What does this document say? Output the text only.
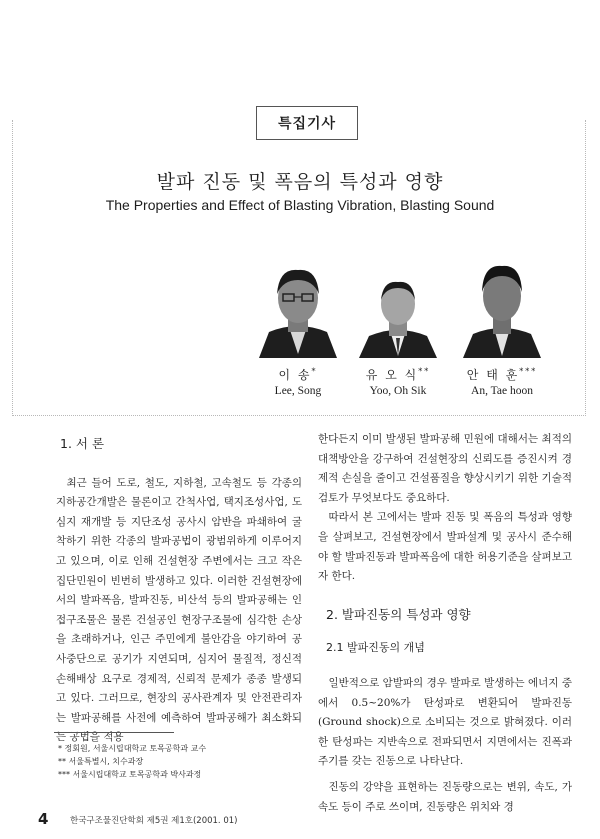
특집기사
발파 진동 및 폭음의 특성과 영향
The Properties and Effect of Blasting Vibration, Blasting Sound
이 송*
Lee, Song
유 오 식**
Yoo, Oh Sik
안 태 훈***
An, Tae hoon
1. 서 론

최근 들어 도로, 철도, 지하철, 고속철도 등 각종의 지하공간개발은 물론이고 간척사업, 택지조성사업, 도심지 재개발 등 지단조성 공사시 암반을 파쇄하여 굴착하기 위한 각종의 발파공법이 광범위하게 이루어지고 있으며, 이로 인해 건설현장 주변에서는 크고 작은 집단민원이 빈번히 발생하고 있다. 이러한 건설현장에서의 발파폭음, 발파진동, 비산석 등의 발파공해는 인접구조물은 물론 건설공인 현장구조물에 심각한 손상을 초래하거나, 인근 주민에게 불안감을 야기하여 공사중단으로 공기가 지연되며, 심지어 물질적, 정신적 손해배상 요구로 경제적, 신뢰적 문제가 종종 발생되고 있다. 그러므로, 현장의 공사관계자 및 안전관리자는 발파공해를 사전에 예측하여 발파공해가 최소화되는 공법을 적용

한다든지 이미 발생된 발파공해 민원에 대해서는 최적의 대책방안을 강구하여 건설현장의 신뢰도를 증진시켜 경제적 손실을 줄이고 건설품질을 향상시키기 위한 기술적 검토가 무엇보다도 중요하다.

따라서 본 고에서는 발파 진동 및 폭음의 특성과 영향을 살펴보고, 건설현장에서 발파설계 및 공사시 준수해야 할 발파진동과 발파폭음에 대한 허용기준을 살펴보고자 한다.

2. 발파진동의 특성과 영향
2.1 발파진동의 개념

일반적으로 암발파의 경우 발파로 발생하는 에너지 중에서 0.5~20%가 탄성파로 변환되어 발파진동(Ground shock)으로 소비되는 것으로 밝혀졌다. 이러한 탄성파는 지반속으로 전파되면서 지면에서는 진폭과 주기를 갖는 진동으로 나타난다.

진동의 강약을 표현하는 진동량으로는 변위, 속도, 가속도 등이 주로 쓰이며, 진동량은 위치와 경

* 정회원, 서울시립대학교 토목공학과 교수
** 서울특별시, 치수과장
*** 서울시립대학교 토목공학과 박사과정
4	한국구조물진단학회 제5권 제1호(2001. 01)
